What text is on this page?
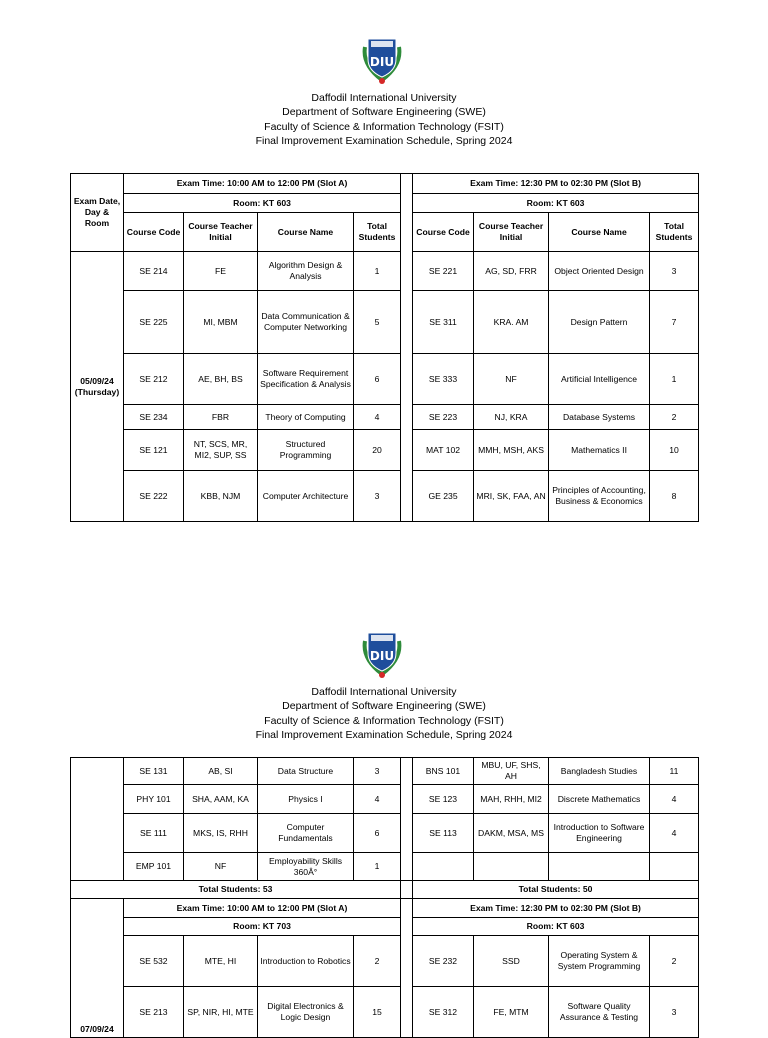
DIU
Daffodil International University
Department of Software Engineering (SWE)
Faculty of Science & Information Technology (FSIT)
Final Improvement Examination Schedule, Spring 2024
Exam Date, Day & Room	Exam Time: 10:00 AM to 12:00 PM (Slot A)					Exam Time: 12:30 PM to 02:30 PM (Slot B)			
	Room: KT 603					Room: KT 603			
	Course Code	Course Teacher Initial	Course Name	Total Students		Course Code	Course Teacher Initial	Course Name	Total Students
05/09/24 (Thursday)	SE 214	FE	Algorithm Design & Analysis	1		SE 221	AG, SD, FRR	Object Oriented Design	3
	SE 225	MI, MBM	Data Communication & Computer Networking	5		SE 311	KRA. AM	Design Pattern	7
	SE 212	AE, BH, BS	Software Requirement Specification & Analysis	6		SE 333	NF	Artificial Intelligence	1
	SE 234	FBR	Theory of Computing	4		SE 223	NJ, KRA	Database Systems	2
	SE 121	NT, SCS, MR, MI2, SUP, SS	Structured Programming	20		MAT 102	MMH, MSH, AKS	Mathematics II	10
	SE 222	KBB, NJM	Computer Architecture	3		GE 235	MRI, SK, FAA, AN	Principles of Accounting, Business & Economics	8
DIU
Daffodil International University
Department of Software Engineering (SWE)
Faculty of Science & Information Technology (FSIT)
Final Improvement Examination Schedule, Spring 2024
	SE 131	AB, SI	Data Structure	3		BNS 101	MBU, UF, SHS, AH	Bangladesh Studies	11
	PHY 101	SHA, AAM, KA	Physics I	4		SE 123	MAH, RHH, MI2	Discrete Mathematics	4
	SE 111	MKS, IS, RHH	Computer Fundamentals	6		SE 113	DAKM, MSA, MS	Introduction to Software Engineering	4
	EMP 101	NF	Employability Skills 360Â°	1					
Total Students: 53						Total Students: 50			
07/09/24	Exam Time: 10:00 AM to 12:00 PM (Slot A)					Exam Time: 12:30 PM to 02:30 PM (Slot B)			
	Room: KT 703					Room: KT 603			
	SE 532	MTE, HI	Introduction to Robotics	2		SE 232	SSD	Operating System & System Programming	2
	SE 213	SP, NIR, HI, MTE	Digital Electronics & Logic Design	15		SE 312	FE, MTM	Software Quality Assurance & Testing	3
